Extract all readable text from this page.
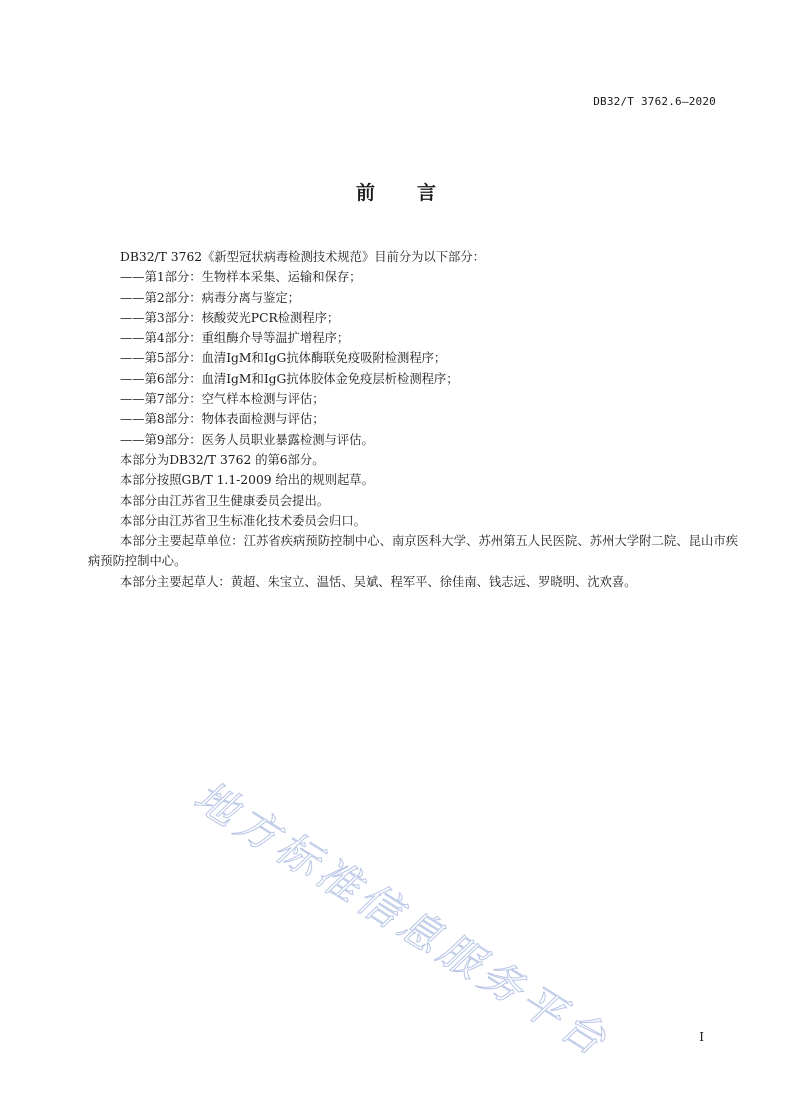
DB32/T 3762.6—2020
前 言

DB32/T 3762《新型冠状病毒检测技术规范》目前分为以下部分：

——第1部分：生物样本采集、运输和保存；

——第2部分：病毒分离与鉴定；

——第3部分：核酸荧光PCR检测程序；

——第4部分：重组酶介导等温扩增程序；

——第5部分：血清IgM和IgG抗体酶联免疫吸附检测程序；

——第6部分：血清IgM和IgG抗体胶体金免疫层析检测程序；

——第7部分：空气样本检测与评估；

——第8部分：物体表面检测与评估；

——第9部分：医务人员职业暴露检测与评估。

本部分为DB32/T 3762 的第6部分。

本部分按照GB/T 1.1-2009 给出的规则起草。

本部分由江苏省卫生健康委员会提出。

本部分由江苏省卫生标准化技术委员会归口。

本部分主要起草单位：江苏省疾病预防控制中心、南京医科大学、苏州第五人民医院、苏州大学附二院、昆山市疾病预防控制中心。

本部分主要起草人：黄超、朱宝立、温恬、吴斌、程军平、徐佳南、钱志远、罗晓明、沈欢喜。

地方标准信息服务平台	I
